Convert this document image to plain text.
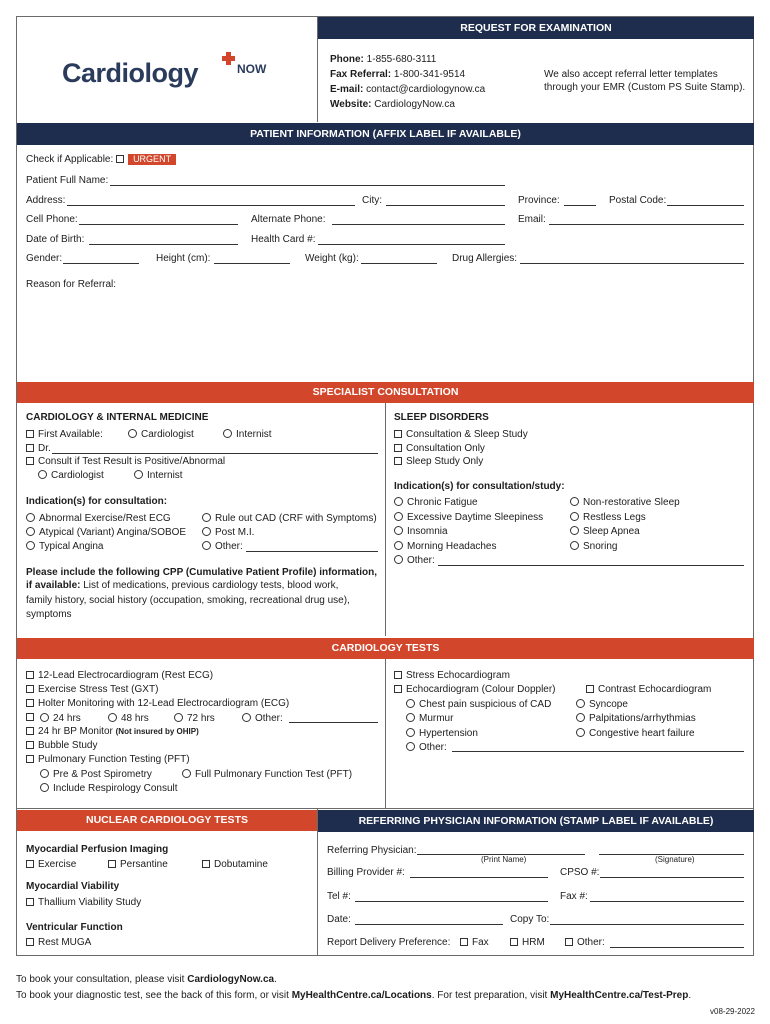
Cardiology	NOW
REQUEST FOR EXAMINATION
Phone: 1-855-680-3111
Fax Referral: 1-800-341-9514
E-mail: contact@cardiologynow.ca
Website: CardiologyNow.ca
We also accept referral letter templates
through your EMR (Custom PS Suite Stamp).
PATIENT INFORMATION (AFFIX LABEL IF AVAILABLE)
Check if Applicable: URGENT
Patient Full Name:
Address:	City:	Province:	Postal Code:
Cell Phone:	Alternate Phone:	Email:
Date of Birth:	Health Card #:
Gender:	Height (cm):	Weight (kg):	Drug Allergies:
Reason for Referral:
SPECIALIST CONSULTATION
CARDIOLOGY & INTERNAL MEDICINE
First Available:	Cardiologist	Internist
Dr.
Consult if Test Result is Positive/Abnormal
Cardiologist	Internist
Indication(s) for consultation:
Abnormal Exercise/Rest ECG
Atypical (Variant) Angina/SOBOE
Typical Angina
Rule out CAD (CRF with Symptoms)
Post M.I.
Other:
Please include the following CPP (Cumulative Patient Profile) information,
if available: List of medications, previous cardiology tests, blood work,
family history, social history (occupation, smoking, recreational drug use),
symptoms
SLEEP DISORDERS
Consultation & Sleep Study
Consultation Only
Sleep Study Only
Indication(s) for consultation/study:
Chronic Fatigue
Excessive Daytime Sleepiness
Insomnia
Morning Headaches
Other:
Non-restorative Sleep
Restless Legs
Sleep Apnea
Snoring
CARDIOLOGY TESTS
12-Lead Electrocardiogram (Rest ECG)
Exercise Stress Test (GXT)
Holter Monitoring with 12-Lead Electrocardiogram (ECG)
24 hrs	48 hrs	72 hrs	Other:
24 hr BP Monitor (Not insured by OHIP)
Bubble Study
Pulmonary Function Testing (PFT)
Pre & Post Spirometry	Full Pulmonary Function Test (PFT)
Include Respirology Consult
Stress Echocardiogram
Echocardiogram (Colour Doppler)	Contrast Echocardiogram
Chest pain suspicious of CAD
Murmur
Hypertension
Other:
Syncope
Palpitations/arrhythmias
Congestive heart failure
NUCLEAR CARDIOLOGY TESTS
Myocardial Perfusion Imaging
Exercise	Persantine	Dobutamine
Myocardial Viability
Thallium Viability Study
Ventricular Function
Rest MUGA
REFERRING PHYSICIAN INFORMATION (STAMP LABEL IF AVAILABLE)
Referring Physician:
(Print Name)	(Signature)
Billing Provider #:	CPSO #:
Tel #:	Fax #:
Date:	Copy To:
Report Delivery Preference:	Fax	HRM	Other:
To book your consultation, please visit CardiologyNow.ca.
To book your diagnostic test, see the back of this form, or visit MyHealthCentre.ca/Locations. For test preparation, visit MyHealthCentre.ca/Test-Prep.
v08-29-2022
